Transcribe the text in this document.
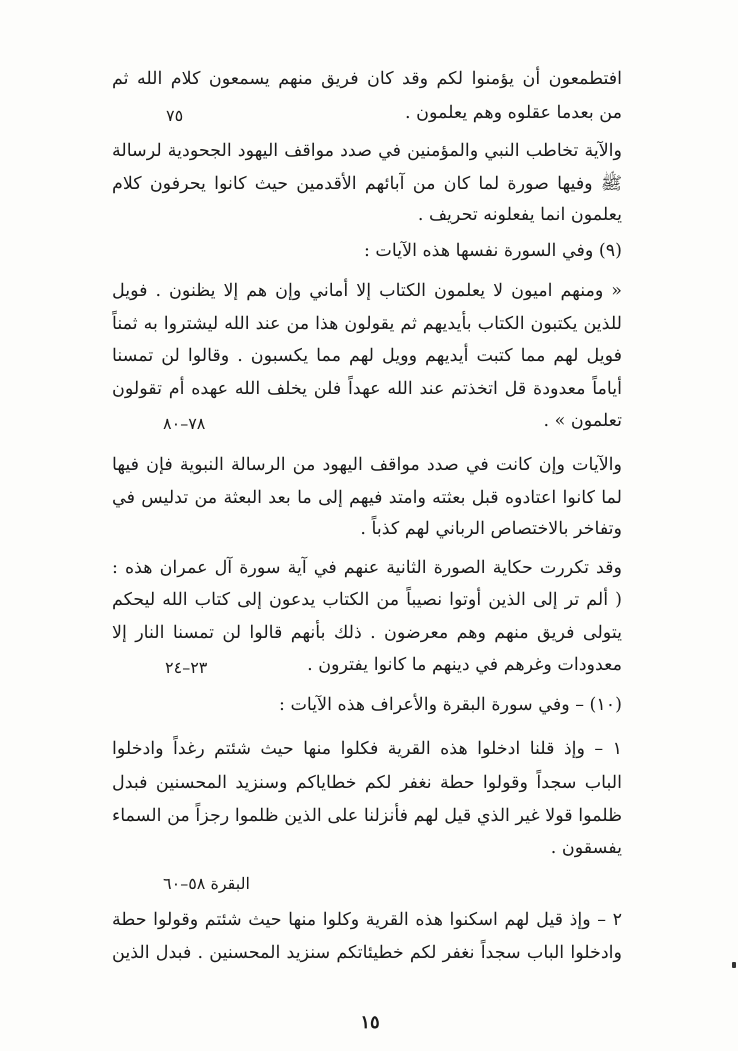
افتطمعون أن يؤمنوا لكم وقد كان فريق منهم يسمعون كلام الله ثم
من بعدما عقلوه وهم يعلمون .
والآية تخاطب النبي والمؤمنين في صدد مواقف اليهود الجحودية لرسالة
ﷺ وفيها صورة لما كان من آبائهم الأقدمين حيث كانوا يحرفون كلام
يعلمون انما يفعلونه تحريف .
(٩) وفي السورة نفسها هذه الآيات :
« ومنهم اميون لا يعلمون الكتاب إلا أماني وإن هم إلا يظنون . فويل
للذين يكتبون الكتاب بأيديهم ثم يقولون هذا من عند الله ليشتروا به ثمناً
فويل لهم مما كتبت أيديهم وويل لهم مما يكسبون . وقالوا لن تمسنا
أياماً معدودة قل اتخذتم عند الله عهداً فلن يخلف الله عهده أم تقولون
تعلمون » .
والآيات وإن كانت في صدد مواقف اليهود من الرسالة النبوية فإن فيها
لما كانوا اعتادوه قبل بعثته وامتد فيهم إلى ما بعد البعثة من تدليس في
وتفاخر بالاختصاص الرباني لهم كذباً .
وقد تكررت حكاية الصورة الثانية عنهم في آية سورة آل عمران هذه :
( ألم تر إلى الذين أوتوا نصيباً من الكتاب يدعون إلى كتاب الله ليحكم
يتولى فريق منهم وهم معرضون . ذلك بأنهم قالوا لن تمسنا النار إلا
معدودات وغرهم في دينهم ما كانوا يفترون .
(١٠) – وفي سورة البقرة والأعراف هذه الآيات :
١ – وإذ قلنا ادخلوا هذه القرية فكلوا منها حيث شئتم رغداً وادخلوا
الباب سجداً وقولوا حطة نغفر لكم خطاياكم وسنزيد المحسنين فبدل
ظلموا قولا غير الذي قيل لهم فأنزلنا على الذين ظلموا رجزاً من السماء
يفسقون .
٢ – وإذ قيل لهم اسكنوا هذه القرية وكلوا منها حيث شئتم وقولوا حطة
وادخلوا الباب سجداً نغفر لكم خطيئاتكم سنزيد المحسنين . فبدل الذين
٧٥
٧٨–٨٠
٢٣–٢٤
البقرة ٥٨–٦٠
١٥
